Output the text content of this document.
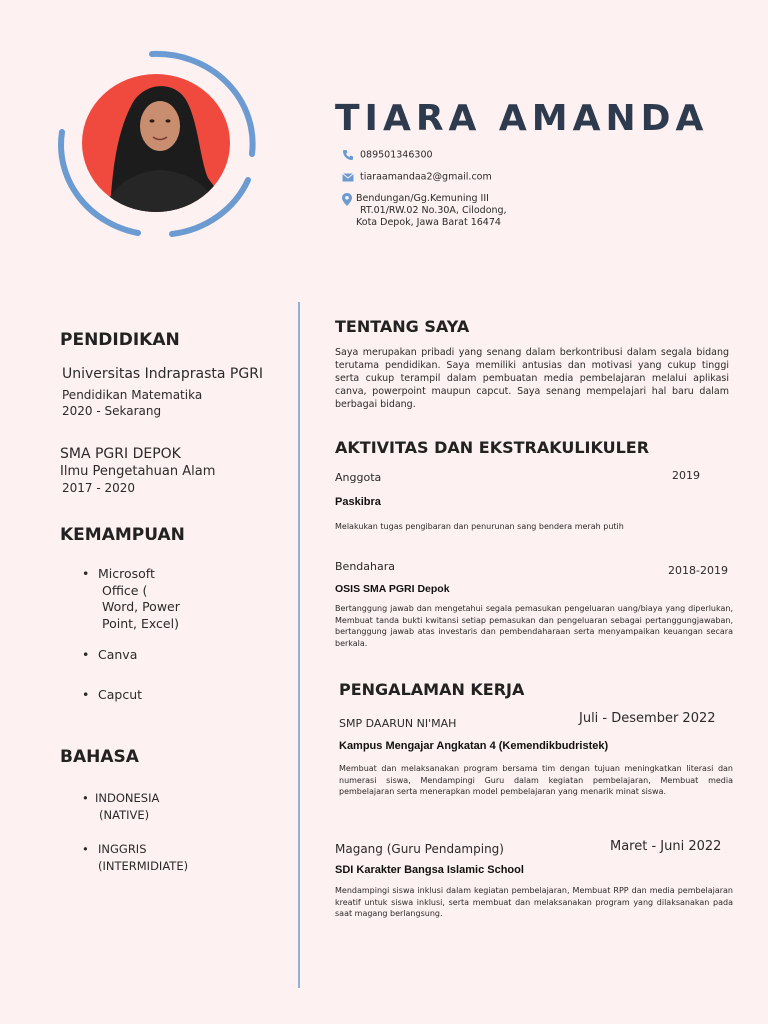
TIARA AMANDA
089501346300
tiaraamandaa2@gmail.com
Bendungan/Gg.Kemuning III
RT.01/RW.02 No.30A, Cilodong,
Kota Depok, Jawa Barat 16474
PENDIDIKAN
Universitas Indraprasta PGRI
Pendidikan Matematika
2020 - Sekarang
SMA PGRI DEPOK
Ilmu Pengetahuan Alam
2017 - 2020
KEMAMPUAN
• Microsoft
Office (
Word, Power
Point, Excel)
• Canva
• Capcut
BAHASA
• INDONESIA
(NATIVE)
• INGGRIS
(INTERMIDIATE)
TENTANG SAYA
Saya merupakan pribadi yang senang dalam berkontribusi dalam segala bidang terutama pendidikan. Saya memiliki antusias dan motivasi yang cukup tinggi serta cukup terampil dalam pembuatan media pembelajaran melalui aplikasi canva, powerpoint maupun capcut. Saya senang mempelajari hal baru dalam berbagai bidang.
AKTIVITAS DAN EKSTRAKULIKULER
Anggota	2019
Paskibra
Melakukan tugas pengibaran dan penurunan sang bendera merah putih
Bendahara	2018-2019
OSIS SMA PGRI Depok
Bertanggung jawab dan mengetahui segala pemasukan pengeluaran uang/biaya yang diperlukan, Membuat tanda bukti kwitansi setiap pemasukan dan pengeluaran sebagai pertanggungjawaban, bertanggung jawab atas investaris dan pembendaharaan serta menyampaikan keuangan secara berkala.
PENGALAMAN KERJA
SMP DAARUN NI'MAH	Juli - Desember 2022
Kampus Mengajar Angkatan 4 (Kemendikbudristek)
Membuat dan melaksanakan program bersama tim dengan tujuan meningkatkan literasi dan numerasi siswa, Mendampingi Guru dalam kegiatan pembelajaran, Membuat media pembelajaran serta menerapkan model pembelajaran yang menarik minat siswa.
Magang (Guru Pendamping)	Maret - Juni 2022
SDI Karakter Bangsa Islamic School
Mendampingi siswa inklusi dalam kegiatan pembelajaran, Membuat RPP dan media pembelajaran kreatif untuk siswa inklusi, serta membuat dan melaksanakan program yang dilaksanakan pada saat magang berlangsung.
